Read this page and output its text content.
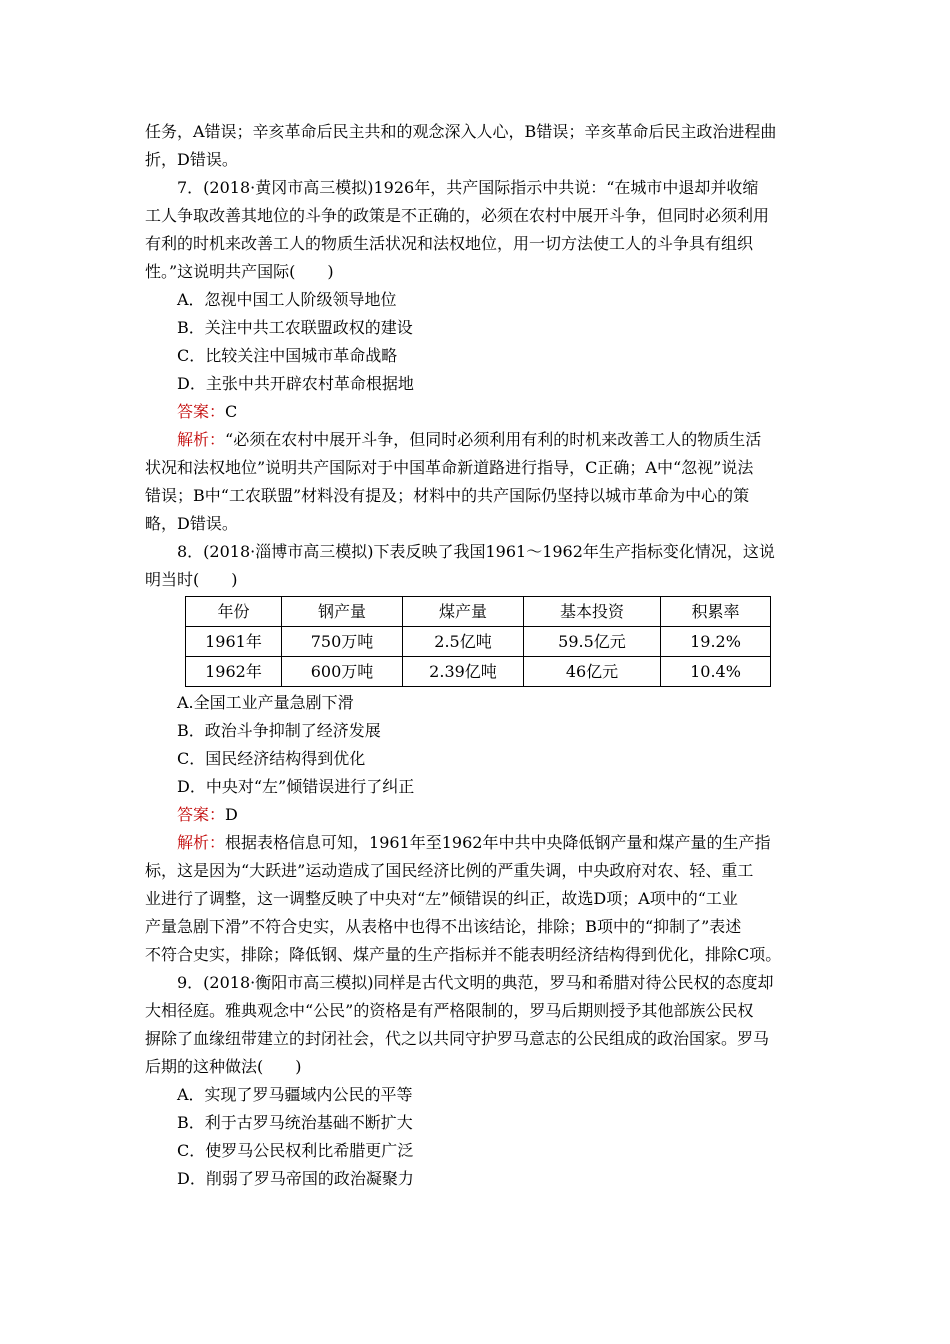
任务，A错误；辛亥革命后民主共和的观念深入人心，B错误；辛亥革命后民主政治进程曲
折，D错误。
7．(2018·黄冈市高三模拟)1926年，共产国际指示中共说：“在城市中退却并收缩
工人争取改善其地位的斗争的政策是不正确的，必须在农村中展开斗争，但同时必须利用
有利的时机来改善工人的物质生活状况和法权地位，用一切方法使工人的斗争具有组织
性。”这说明共产国际(　　)
A．忽视中国工人阶级领导地位
B．关注中共工农联盟政权的建设
C．比较关注中国城市革命战略
D．主张中共开辟农村革命根据地
答案：C
解析：“必须在农村中展开斗争，但同时必须利用有利的时机来改善工人的物质生活
状况和法权地位”说明共产国际对于中国革命新道路进行指导，C正确；A中“忽视”说法
错误；B中“工农联盟”材料没有提及；材料中的共产国际仍坚持以城市革命为中心的策
略，D错误。
8．(2018·淄博市高三模拟)下表反映了我国1961～1962年生产指标变化情况，这说
明当时(　　)
年份	钢产量	煤产量	基本投资	积累率
1961年	750万吨	2.5亿吨	59.5亿元	19.2%
1962年	600万吨	2.39亿吨	46亿元	10.4%
A.全国工业产量急剧下滑
B．政治斗争抑制了经济发展
C．国民经济结构得到优化
D．中央对“左”倾错误进行了纠正
答案：D
解析：根据表格信息可知，1961年至1962年中共中央降低钢产量和煤产量的生产指
标，这是因为“大跃进”运动造成了国民经济比例的严重失调，中央政府对农、轻、重工
业进行了调整，这一调整反映了中央对“左”倾错误的纠正，故选D项；A项中的“工业
产量急剧下滑”不符合史实，从表格中也得不出该结论，排除；B项中的“抑制了”表述
不符合史实，排除；降低钢、煤产量的生产指标并不能表明经济结构得到优化，排除C项。
9．(2018·衡阳市高三模拟)同样是古代文明的典范，罗马和希腊对待公民权的态度却
大相径庭。雅典观念中“公民”的资格是有严格限制的，罗马后期则授予其他部族公民权
摒除了血缘纽带建立的封闭社会，代之以共同守护罗马意志的公民组成的政治国家。罗马
后期的这种做法(　　)
A．实现了罗马疆域内公民的平等
B．利于古罗马统治基础不断扩大
C．使罗马公民权利比希腊更广泛
D．削弱了罗马帝国的政治凝聚力
